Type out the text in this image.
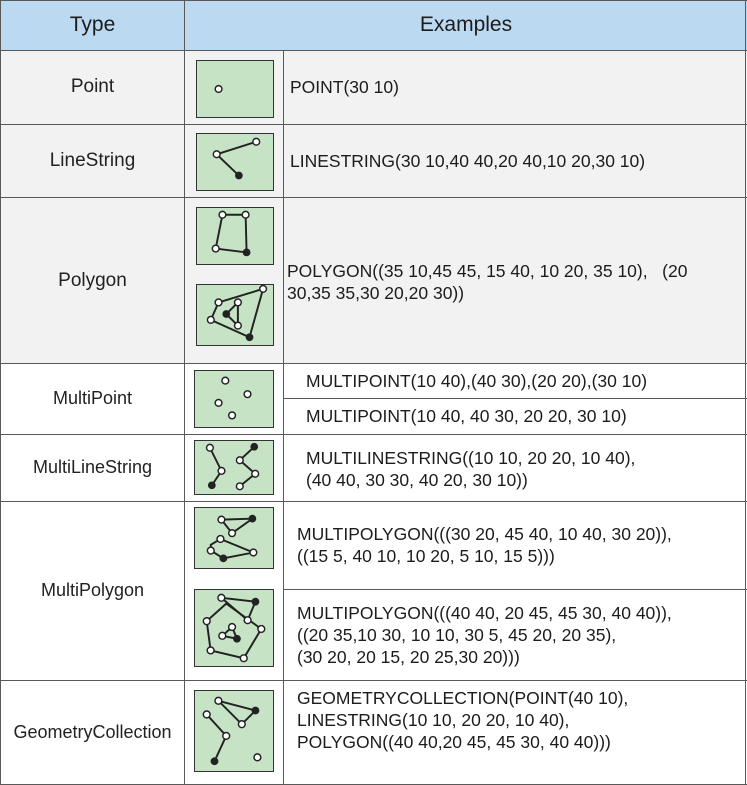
Type	Examples
Point
LineString
Polygon
MultiPoint
MultiLineString
MultiPolygon
GeometryCollection
POINT(30 10)
LINESTRING(30 10,40 40,20 40,10 20,30 10)
POLYGON((35 10,45 45, 15 40, 10 20, 35 10),   (20
30,35 35,30 20,20 30))
MULTIPOINT(10 40),(40 30),(20 20),(30 10)
MULTIPOINT(10 40, 40 30, 20 20, 30 10)
MULTILINESTRING((10 10, 20 20, 10 40),
(40 40, 30 30, 40 20, 30 10))
MULTIPOLYGON(((30 20, 45 40, 10 40, 30 20)),
((15 5, 40 10, 10 20, 5 10, 15 5)))
MULTIPOLYGON(((40 40, 20 45, 45 30, 40 40)),
((20 35,10 30, 10 10, 30 5, 45 20, 20 35),
(30 20, 20 15, 20 25,30 20)))
GEOMETRYCOLLECTION(POINT(40 10),
LINESTRING(10 10, 20 20, 10 40),
POLYGON((40 40,20 45, 45 30, 40 40)))
